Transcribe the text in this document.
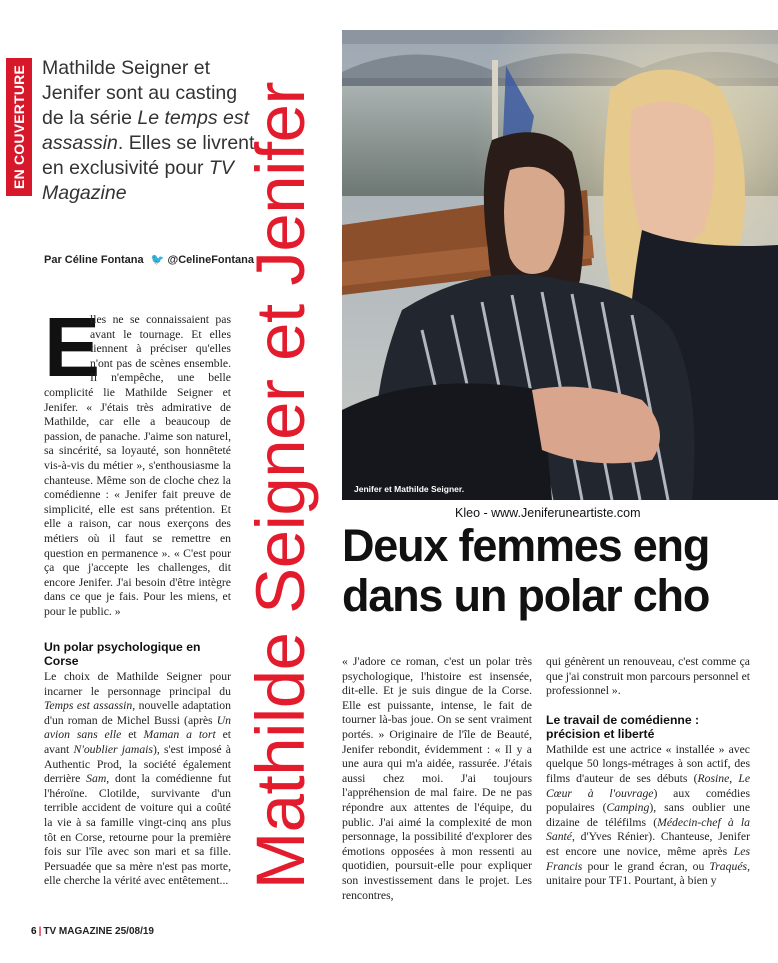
EN COUVERTURE Mathilde Seigner et Jenifer sont au casting de la série Le temps est assassin. Elles se livrent en exclusivité pour TV Magazine
Par Céline Fontana 🐦 @CelineFontana
Mathilde Seigner et Jenifer
E

lles ne se connaissaient pas avant le tournage. Et elles tiennent à préciser qu'elles n'ont pas de scènes ensemble. Il n'empêche, une belle complicité lie Mathilde Seigner et Jenifer. « J'étais très admirative de Mathilde, car elle a beaucoup de passion, de panache. J'aime son naturel, sa sincérité, sa loyauté, son honnêteté vis-à-vis du métier », s'enthousiasme la chanteuse. Même son de cloche chez la comédienne : « Jenifer fait preuve de simplicité, elle est sans prétention. Et elle a raison, car nous exerçons des métiers où il faut se remettre en question en permanence ». « C'est pour ça que j'accepte les challenges, dit encore Jenifer. J'ai besoin d'être intègre dans ce que je fais. Pour les miens, et pour le public. »

Un polar psychologique en Corse

Le choix de Mathilde Seigner pour incarner le personnage principal du Temps est assassin, nouvelle adaptation d'un roman de Michel Bussi (après Un avion sans elle et Maman a tort et avant N'oublier jamais), s'est imposé à Authentic Prod, la société également derrière Sam, dont la comédienne fut l'héroïne. Clotilde, survivante d'un terrible accident de voiture qui a coûté la vie à sa famille vingt-cinq ans plus tôt en Corse, retourne pour la première fois sur l'île avec son mari et sa fille. Persuadée que sa mère n'est pas morte, elle cherche la vérité avec entêtement...

Jenifer et Mathilde Seigner.
Kleo - www.Jeniferuneartiste.com
Deux femmes eng
dans un polar cho

« J'adore ce roman, c'est un polar très psychologique, l'histoire est insensée, dit-elle. Et je suis dingue de la Corse. Elle est puissante, intense, le fait de tourner là-bas joue. On se sent vraiment portés. » Originaire de l'île de Beauté, Jenifer rebondit, évidemment : « Il y a une aura qui m'a aidée, rassurée. J'étais aussi chez moi. J'ai toujours l'appréhension de mal faire. De ne pas répondre aux attentes de l'équipe, du public. J'ai aimé la complexité de mon personnage, la possibilité d'explorer des émotions opposées à mon ressenti au quotidien, poursuit-elle pour expliquer son investissement dans le projet. Les rencontres,

qui génèrent un renouveau, c'est comme ça que j'ai construit mon parcours personnel et professionnel ».

Le travail de comédienne : précision et liberté

Mathilde est une actrice « installée » avec quelque 50 longs-métrages à son actif, des films d'auteur de ses débuts (Rosine, Le Cœur à l'ouvrage) aux comédies populaires (Camping), sans oublier une dizaine de téléfilms (Médecin-chef à la Santé, d'Yves Rénier). Chanteuse, Jenifer est encore une novice, même après Les Francis pour le grand écran, ou Traqués, unitaire pour TF1. Pourtant, à bien y

6 | TV MAGAZINE 25/08/19
